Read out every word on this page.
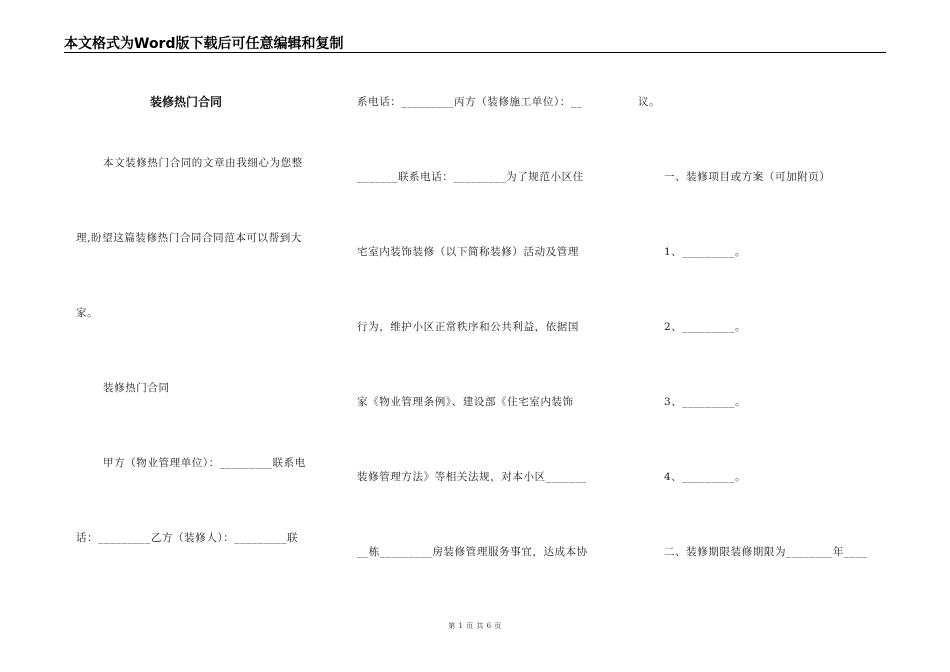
本文格式为Word版下载后可任意编辑和复制
装修热门合同
本文装修热门合同的文章由我细心为您整
理,盼望这篇装修热门合同合同范本可以帮到大
家。
装修热门合同
甲方（物业管理单位）：_________联系电
话：_________乙方（装修人）：_________联
系电话：_________丙方（装修施工单位）：__
_______联系电话：_________为了规范小区住
宅室内装饰装修（以下简称装修）活动及管理
行为，维护小区正常秩序和公共利益，依据国
家《物业管理条例》、建设部《住宅室内装饰
装修管理方法》等相关法规，对本小区_______
__栋_________房装修管理服务事宜，达成本协
议。
一、装修项目或方案（可加附页）
1、_________。
2、_________。
3、_________。
4、_________。
二、装修期限装修期限为________年____
第 1 页 共 6 页
